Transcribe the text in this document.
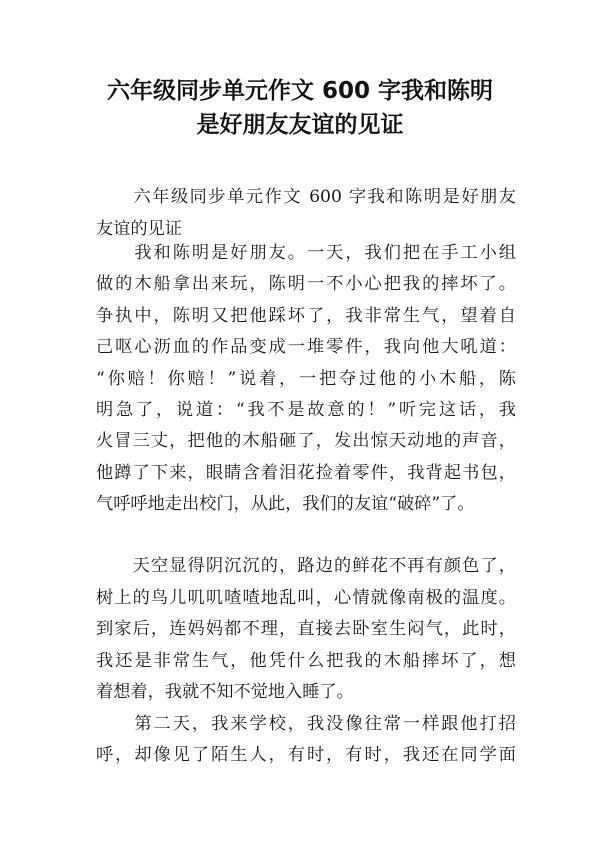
六年级同步单元作文 600 字我和陈明
是好朋友友谊的见证
　　六年级同步单元作文 600 字我和陈明是好朋友
友谊的见证
　　我和陈明是好朋友。一天，我们把在手工小组
做的木船拿出来玩，陈明一不小心把我的摔坏了。
争执中，陈明又把他踩坏了，我非常生气，望着自
己呕心沥血的作品变成一堆零件，我向他大吼道：
“你赔！你赔！”说着，一把夺过他的小木船，陈
明急了，说道：“我不是故意的！”听完这话，我
火冒三丈，把他的木船砸了，发出惊天动地的声音，
他蹲了下来，眼睛含着泪花捡着零件，我背起书包，
气呼呼地走出校门，从此，我们的友谊“破碎”了。
　　天空显得阴沉沉的，路边的鲜花不再有颜色了，
树上的鸟儿叽叽喳喳地乱叫，心情就像南极的温度。
到家后，连妈妈都不理，直接去卧室生闷气，此时，
我还是非常生气，他凭什么把我的木船摔坏了，想
着想着，我就不知不觉地入睡了。
　　第二天，我来学校，我没像往常一样跟他打招
呼，却像见了陌生人，有时，有时，我还在同学面
